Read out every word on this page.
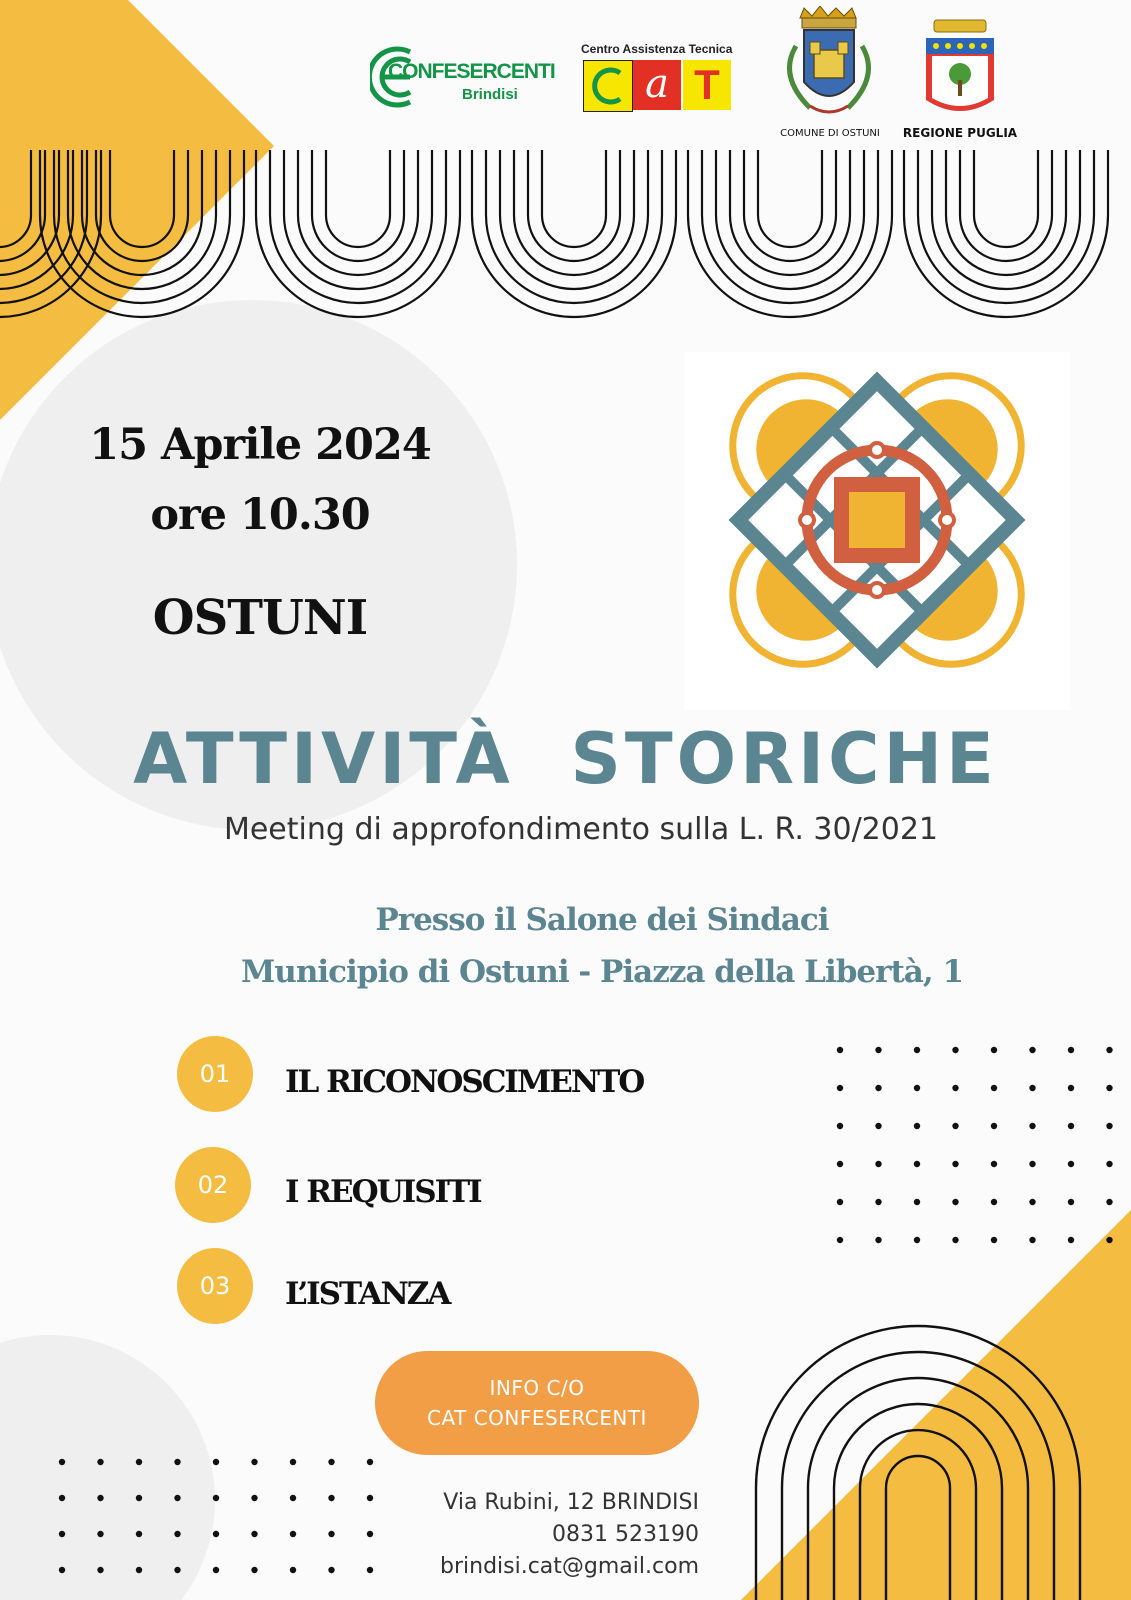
CONFESERCENTI
Brindisi
Centro Assistenza Tecnica
a T
COMUNE DI OSTUNI	REGIONE PUGLIA
15 Aprile 2024
ore 10.30
OSTUNI
ATTIVITÀ  STORICHE
Meeting di approfondimento sulla L. R. 30/2021
Presso il Salone dei Sindaci
Municipio di Ostuni - Piazza della Libertà, 1
01	IL RICONOSCIMENTO
02	I REQUISITI
03	L’ISTANZA
INFO C/O
CAT CONFESERCENTI
Via Rubini, 12 BRINDISI
0831 523190
brindisi.cat@gmail.com
